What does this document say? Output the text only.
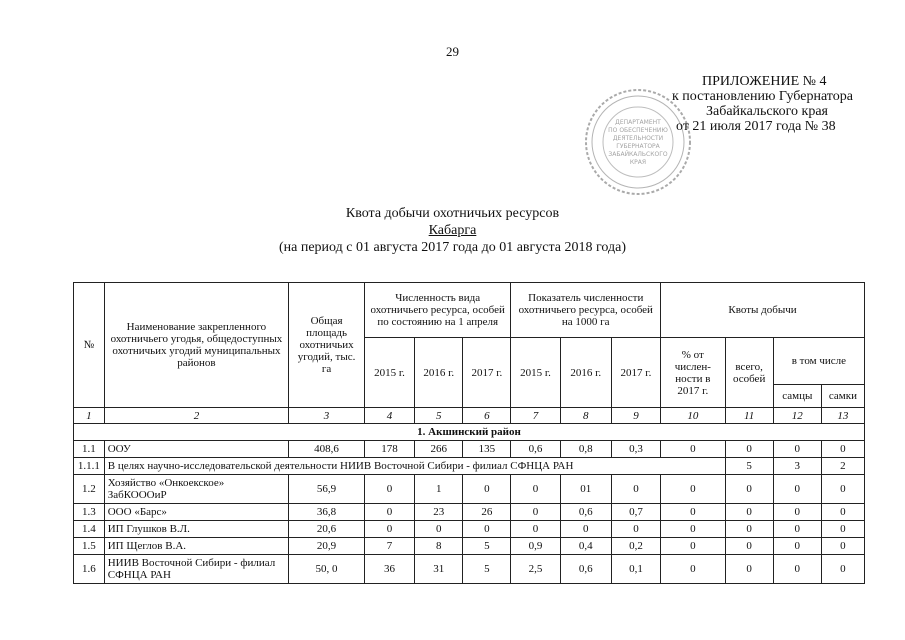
29
ДЕПАРТАМЕНТ
ПО ОБЕСПЕЧЕНИЮ
ДЕЯТЕЛЬНОСТИ
ГУБЕРНАТОРА
ЗАБАЙКАЛЬСКОГО
КРАЯ
ПРИЛОЖЕНИЕ № 4
к постановлению Губернатора
Забайкальского края
от 21 июля 2017 года № 38
Квота добычи охотничьих ресурсов
Кабарга
(на период с 01 августа 2017 года до 01 августа 2018 года)
№	Наименование закрепленного охотничьего угодья, общедоступных охотничьих угодий муниципальных районов	Общая площадь охотничьих угодий, тыс. га	Численность вида охотничьего ресурса, особей по состоянию на 1 апреля			Показатель численности охотничьего ресурса, особей на 1000 га			Квоты добычи			
			2015 г.	2016 г.	2017 г.	2015 г.	2016 г.	2017 г.	% от числен-ности в 2017 г.	всего, особей	в том числе	
											самцы	самки
1	2	3	4	5	6	7	8	9	10	11	12	13
1. Акшинский район												
1.1	ООУ	408,6	178	266	135	0,6	0,8	0,3	0	0	0	0
1.1.1	В целях научно-исследовательской деятельности НИИВ Восточной Сибири - филиал СФНЦА РАН									5	3	2
1.2	Хозяйство «Онкоекское» ЗабКОООиР	56,9	0	1	0	0	01	0	0	0	0	0
1.3	ООО «Барс»	36,8	0	23	26	0	0,6	0,7	0	0	0	0
1.4	ИП Глушков В.Л.	20,6	0	0	0	0	0	0	0	0	0	0
1.5	ИП Щеглов В.А.	20,9	7	8	5	0,9	0,4	0,2	0	0	0	0
1.6	НИИВ Восточной Сибири - филиал СФНЦА РАН	50, 0	36	31	5	2,5	0,6	0,1	0	0	0	0
